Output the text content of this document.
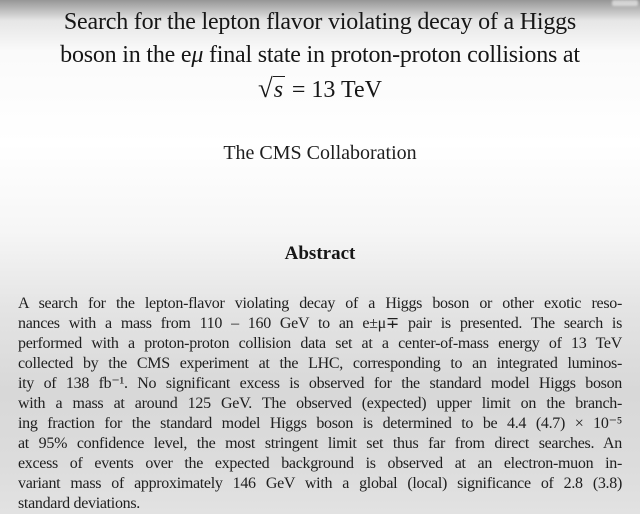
Search for the lepton flavor violating decay of a Higgs
boson in the eμ final state in proton-proton collisions at
√s = 13 TeV
The CMS Collaboration
Abstract
A search for the lepton-flavor violating decay of a Higgs boson or other exotic reso-
nances with a mass from 110 – 160 GeV to an e±μ∓ pair is presented. The search is
performed with a proton-proton collision data set at a center-of-mass energy of 13 TeV
collected by the CMS experiment at the LHC, corresponding to an integrated luminos-
ity of 138 fb⁻¹. No significant excess is observed for the standard model Higgs boson
with a mass at around 125 GeV. The observed (expected) upper limit on the branch-
ing fraction for the standard model Higgs boson is determined to be 4.4 (4.7) × 10⁻⁵
at 95% confidence level, the most stringent limit set thus far from direct searches. An
excess of events over the expected background is observed at an electron-muon in-
variant mass of approximately 146 GeV with a global (local) significance of 2.8 (3.8)
standard deviations.
